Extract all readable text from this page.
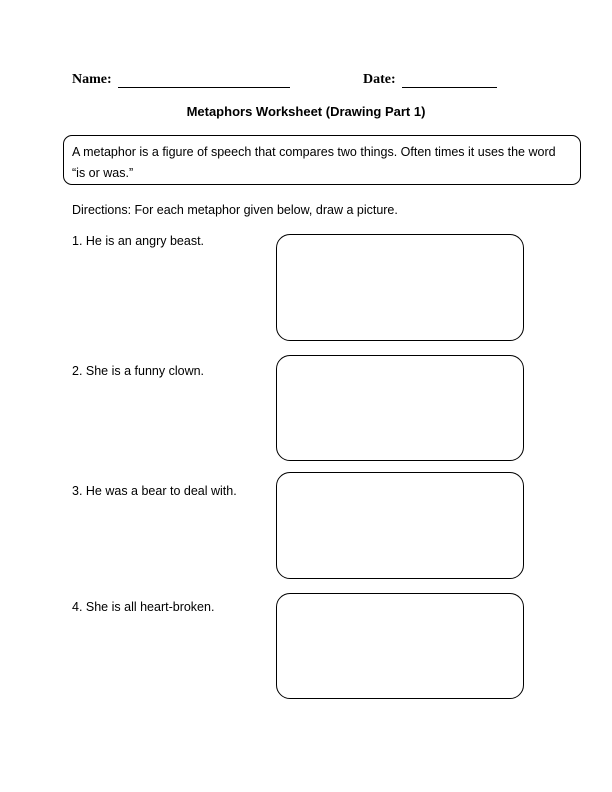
Name:	Date:
Metaphors Worksheet (Drawing Part 1)
A metaphor is a figure of speech that compares two things. Often times it uses the word “is or was.”
Directions: For each metaphor given below, draw a picture.
1. He is an angry beast.
2. She is a funny clown.
3. He was a bear to deal with.
4. She is all heart-broken.
